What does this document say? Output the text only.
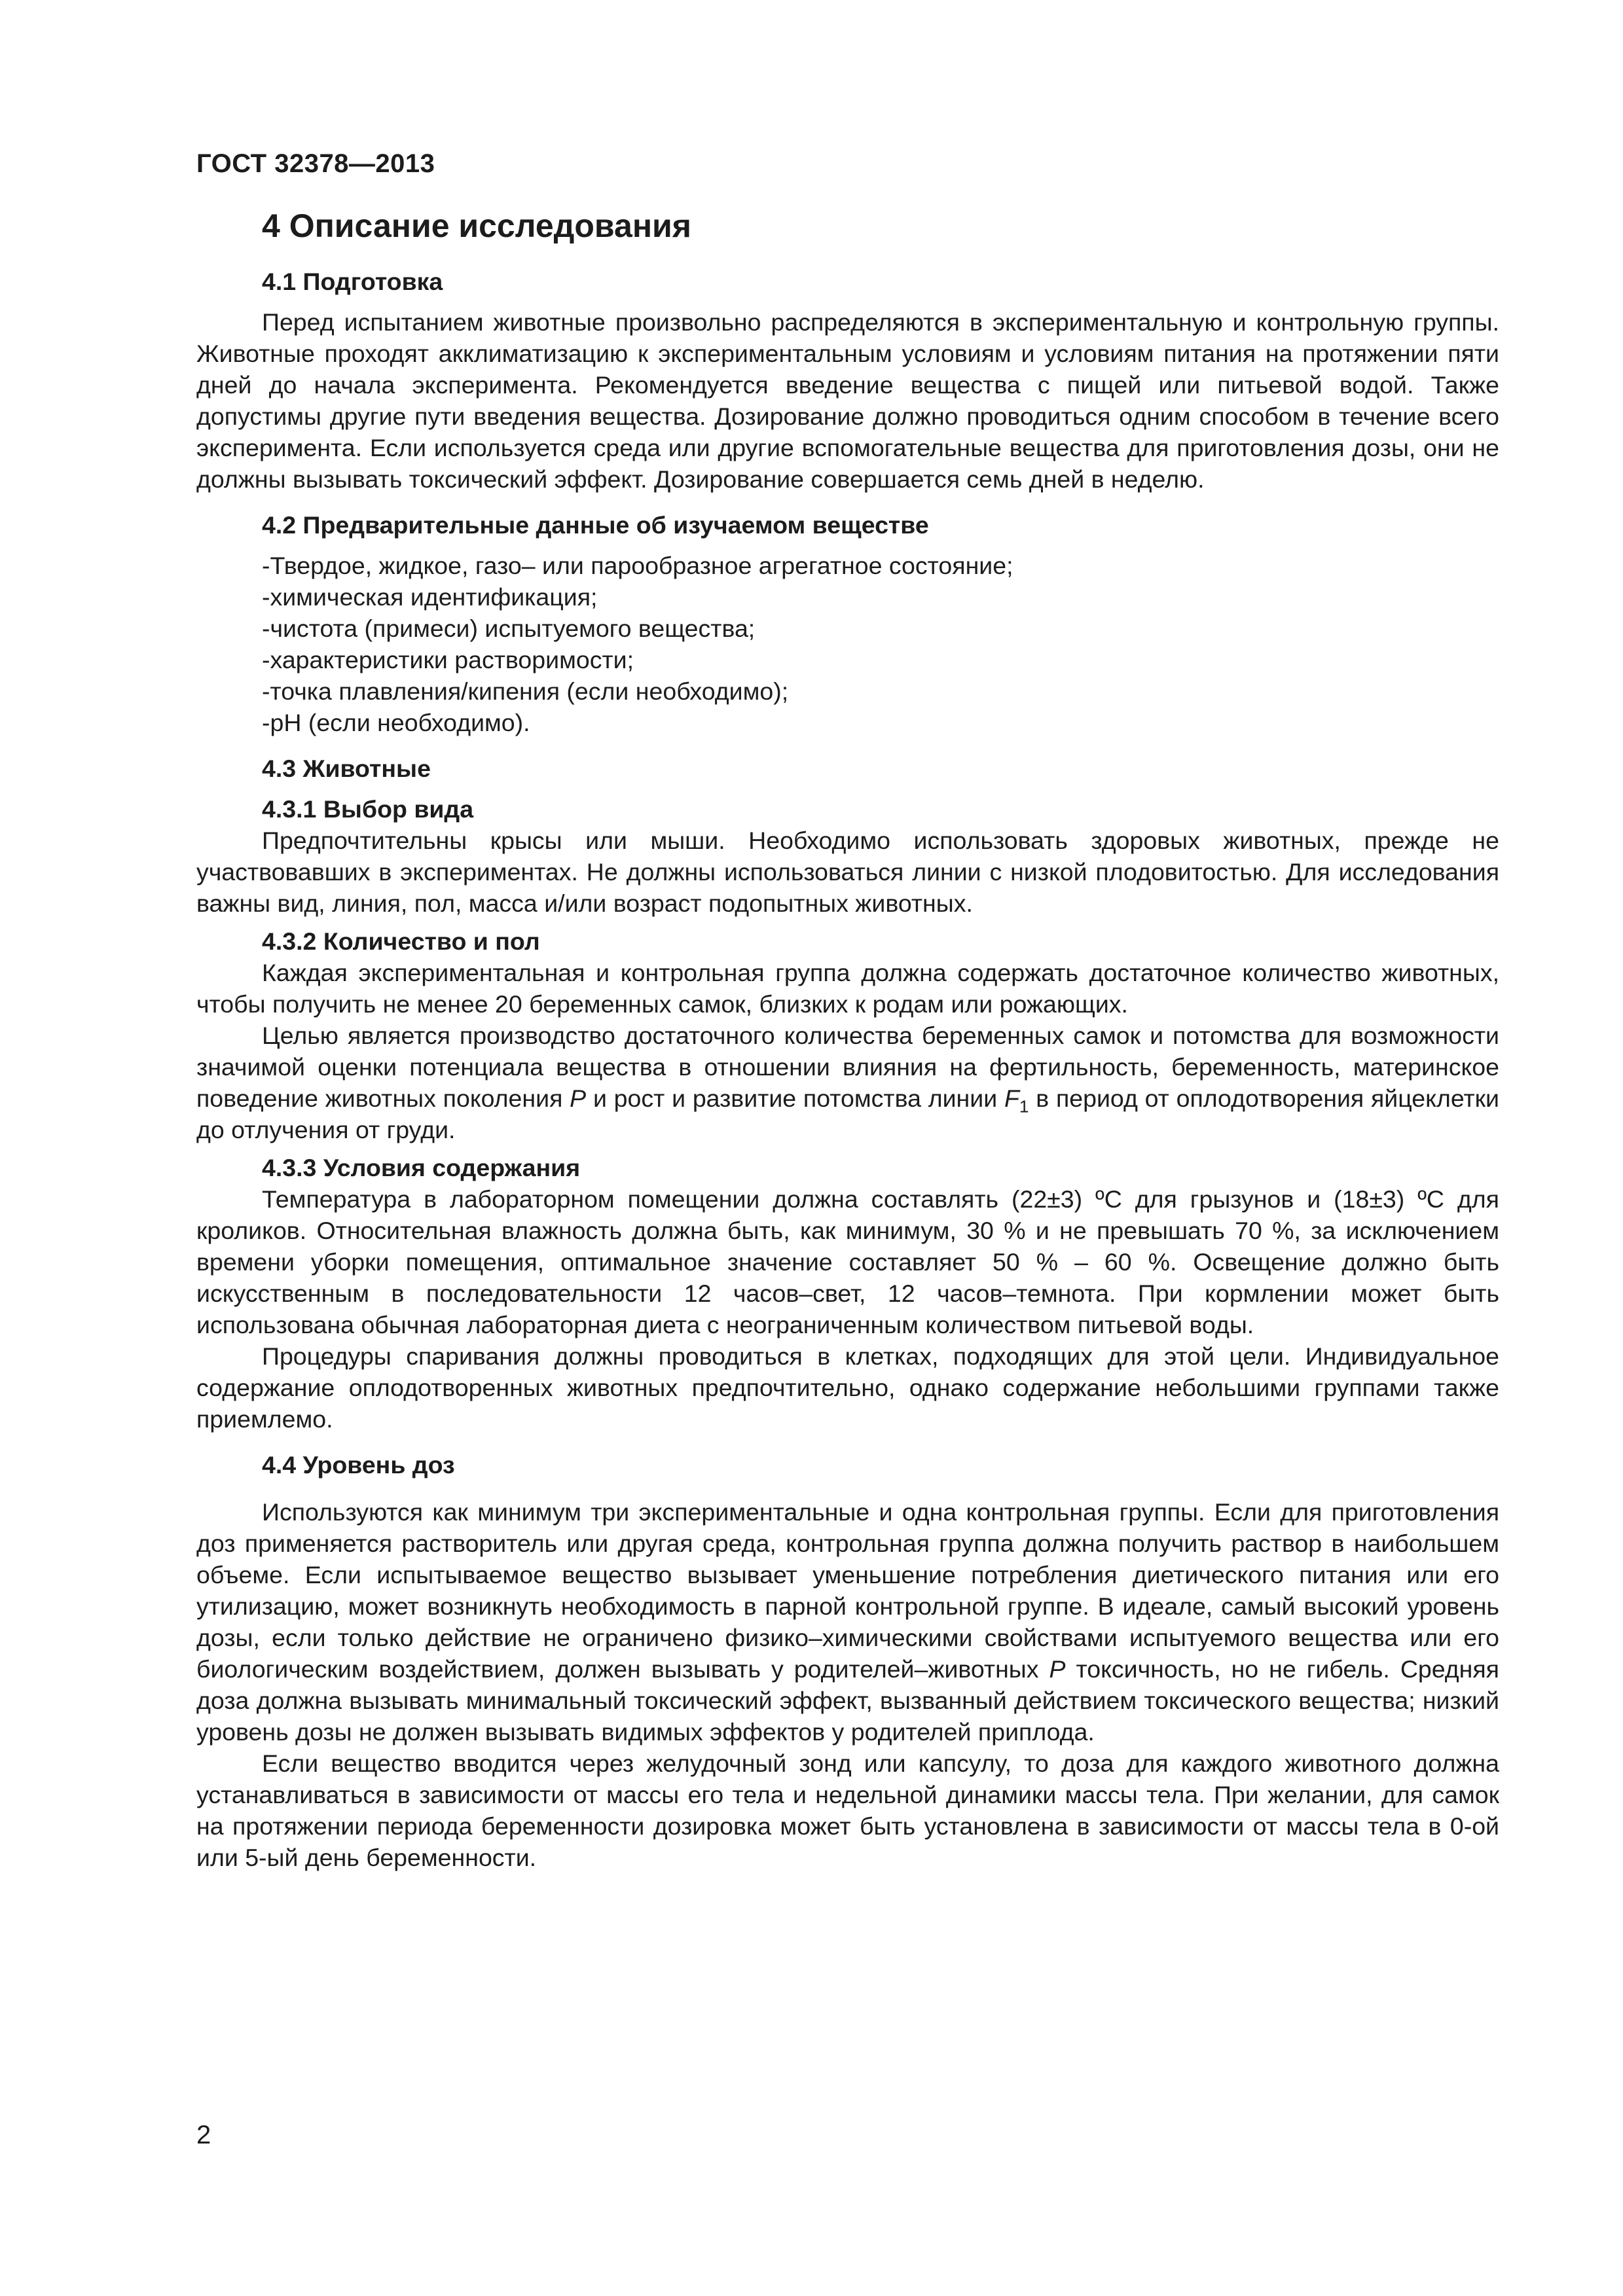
ГОСТ 32378—2013
4 Описание исследования
4.1 Подготовка

Перед испытанием животные произвольно распределяются в экспериментальную и контрольную группы. Животные проходят акклиматизацию к экспериментальным условиям и условиям питания на протяжении пяти дней до начала эксперимента. Рекомендуется введение вещества с пищей или питьевой водой. Также допустимы другие пути введения вещества. Дозирование должно проводиться одним способом в течение всего эксперимента. Если используется среда или другие вспомогательные вещества для приготовления дозы, они не должны вызывать токсический эффект. Дозирование совершается семь дней в неделю.

4.2 Предварительные данные об изучаемом веществе
-Твердое, жидкое, газо– или парообразное агрегатное состояние;
-химическая идентификация;
-чистота (примеси) испытуемого вещества;
-характеристики растворимости;
-точка плавления/кипения (если необходимо);
-pH (если необходимо).
4.3 Животные
4.3.1 Выбор вида

Предпочтительны крысы или мыши. Необходимо использовать здоровых животных, прежде не участвовавших в экспериментах. Не должны использоваться линии с низкой плодовитостью. Для исследования важны вид, линия, пол, масса и/или возраст подопытных животных.

4.3.2 Количество и пол

Каждая экспериментальная и контрольная группа должна содержать достаточное количество животных, чтобы получить не менее 20 беременных самок, близких к родам или рожающих.

Целью является производство достаточного количества беременных самок и потомства для возможности значимой оценки потенциала вещества в отношении влияния на фертильность, беременность, материнское поведение животных поколения P и рост и развитие потомства линии $F_1$ в период от оплодотворения яйцеклетки до отлучения от груди.

4.3.3 Условия содержания

Температура в лабораторном помещении должна составлять (22±3) ºС для грызунов и (18±3) ºС для кроликов. Относительная влажность должна быть, как минимум, 30 % и не превышать 70 %, за исключением времени уборки помещения, оптимальное значение составляет 50 % – 60 %. Освещение должно быть искусственным в последовательности 12 часов–свет, 12 часов–темнота. При кормлении может быть использована обычная лабораторная диета с неограниченным количеством питьевой воды.

Процедуры спаривания должны проводиться в клетках, подходящих для этой цели. Индивидуальное содержание оплодотворенных животных предпочтительно, однако содержание небольшими группами также приемлемо.

4.4 Уровень доз

Используются как минимум три экспериментальные и одна контрольная группы. Если для приготовления доз применяется растворитель или другая среда, контрольная группа должна получить раствор в наибольшем объеме. Если испытываемое вещество вызывает уменьшение потребления диетического питания или его утилизацию, может возникнуть необходимость в парной контрольной группе. В идеале, самый высокий уровень дозы, если только действие не ограничено физико–химическими свойствами испытуемого вещества или его биологическим воздействием, должен вызывать у родителей–животных P токсичность, но не гибель. Средняя доза должна вызывать минимальный токсический эффект, вызванный действием токсического вещества; низкий уровень дозы не должен вызывать видимых эффектов у родителей приплода.

Если вещество вводится через желудочный зонд или капсулу, то доза для каждого животного должна устанавливаться в зависимости от массы его тела и недельной динамики массы тела. При желании, для самок на протяжении периода беременности дозировка может быть установлена в зависимости от массы тела в 0-ой или 5-ый день беременности.

2
